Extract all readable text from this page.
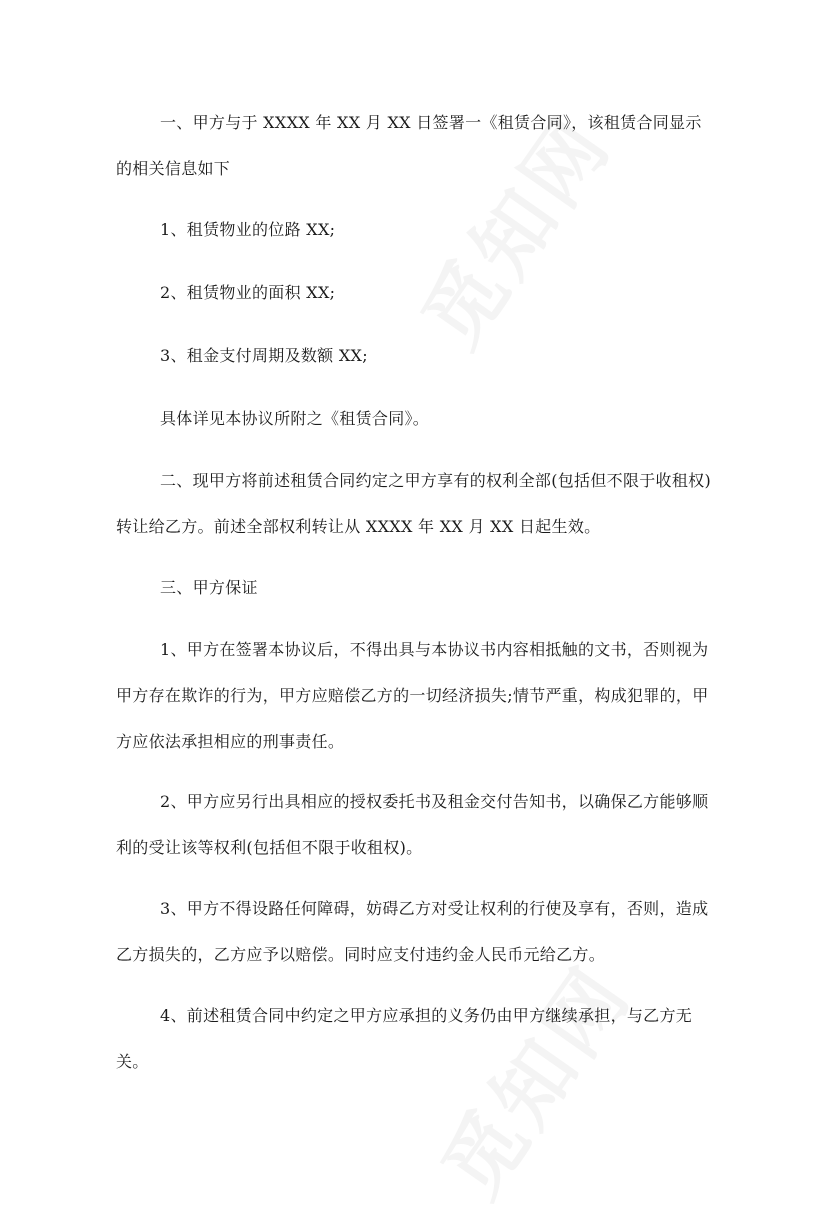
一、甲方与于 XXXX 年 XX 月 XX 日签署一《租赁合同》，该租赁合同显示的相关信息如下

1、租赁物业的位路 XX;

2、租赁物业的面积 XX;

3、租金支付周期及数额 XX;

具体详见本协议所附之《租赁合同》。

二、现甲方将前述租赁合同约定之甲方享有的权利全部(包括但不限于收租权)转让给乙方。前述全部权利转让从 XXXX 年 XX 月 XX 日起生效。

三、甲方保证

1、甲方在签署本协议后，不得出具与本协议书内容相抵触的文书，否则视为甲方存在欺诈的行为，甲方应赔偿乙方的一切经济损失;情节严重，构成犯罪的，甲方应依法承担相应的刑事责任。

2、甲方应另行出具相应的授权委托书及租金交付告知书，以确保乙方能够顺利的受让该等权利(包括但不限于收租权)。

3、甲方不得设路任何障碍，妨碍乙方对受让权利的行使及享有，否则，造成乙方损失的，乙方应予以赔偿。同时应支付违约金人民币元给乙方。

4、前述租赁合同中约定之甲方应承担的义务仍由甲方继续承担，与乙方无关。
